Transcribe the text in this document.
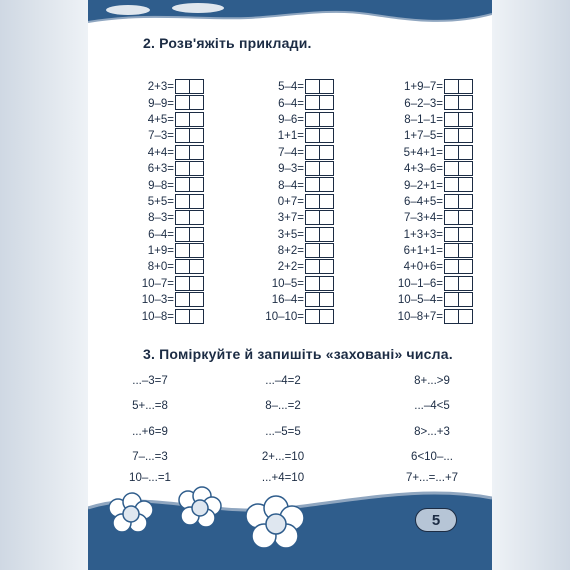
2. Розв'яжіть приклади.
2+3=
9–9=
4+5=
7–3=
4+4=
6+3=
9–8=
5+5=
8–3=
6–4=
1+9=
8+0=
10–7=
10–3=
10–8=
5–4=
6–4=
9–6=
1+1=
7–4=
9–3=
8–4=
0+7=
3+7=
3+5=
8+2=
2+2=
10–5=
16–4=
10–10=
1+9–7=
6–2–3=
8–1–1=
1+7–5=
5+4+1=
4+3–6=
9–2+1=
6–4+5=
7–3+4=
1+3+3=
6+1+1=
4+0+6=
10–1–6=
10–5–4=
10–8+7=
3. Поміркуйте й запишіть «заховані» числа.
...–3=7	...–4=2	8+...>9
5+...=8	8–...=2	...–4<5
...+6=9	...–5=5	8>...+3
7–...=3	2+...=10	6<10–...
10–...=1	...+4=10	7+...=...+7
5
